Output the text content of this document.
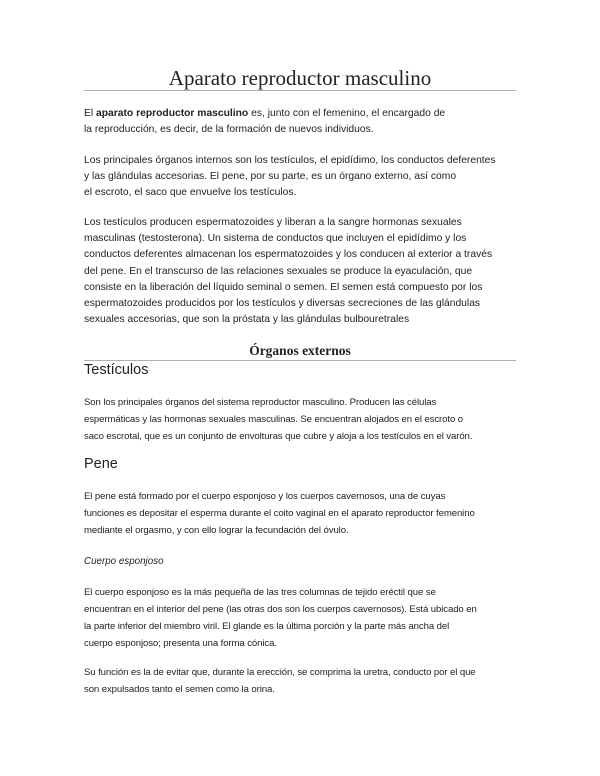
Aparato reproductor masculino

El aparato reproductor masculino es, junto con el femenino, el encargado de
la reproducción, es decir, de la formación de nuevos individuos.

Los principales órganos internos son los testículos, el epidídimo, los conductos deferentes
y las glándulas accesorias. El pene, por su parte, es un órgano externo, así como
el escroto, el saco que envuelve los testículos.

Los testículos producen espermatozoides y liberan a la sangre hormonas sexuales
masculinas (testosterona). Un sistema de conductos que incluyen el epidídimo y los
conductos deferentes almacenan los espermatozoides y los conducen al exterior a través
del pene. En el transcurso de las relaciones sexuales se produce la eyaculación, que
consiste en la liberación del líquido seminal o semen. El semen está compuesto por los
espermatozoides producidos por los testículos y diversas secreciones de las glándulas
sexuales accesorias, que son la próstata y las glándulas bulbouretrales

Órganos externos
Testículos

Son los principales órganos del sistema reproductor masculino. Producen las células
espermáticas y las hormonas sexuales masculinas. Se encuentran alojados en el escroto o
saco escrotal, que es un conjunto de envolturas que cubre y aloja a los testículos en el varón.

Pene

El pene está formado por el cuerpo esponjoso y los cuerpos cavernosos, una de cuyas
funciones es depositar el esperma durante el coito vaginal en el aparato reproductor femenino
mediante el orgasmo, y con ello lograr la fecundación del óvulo.

Cuerpo esponjoso

El cuerpo esponjoso es la más pequeña de las tres columnas de tejido eréctil que se
encuentran en el interior del pene (las otras dos son los cuerpos cavernosos). Está ubicado en
la parte inferior del miembro viril. El glande es la última porción y la parte más ancha del
cuerpo esponjoso; presenta una forma cónica.

Su función es la de evitar que, durante la erección, se comprima la uretra, conducto por el que
son expulsados tanto el semen como la orina.
